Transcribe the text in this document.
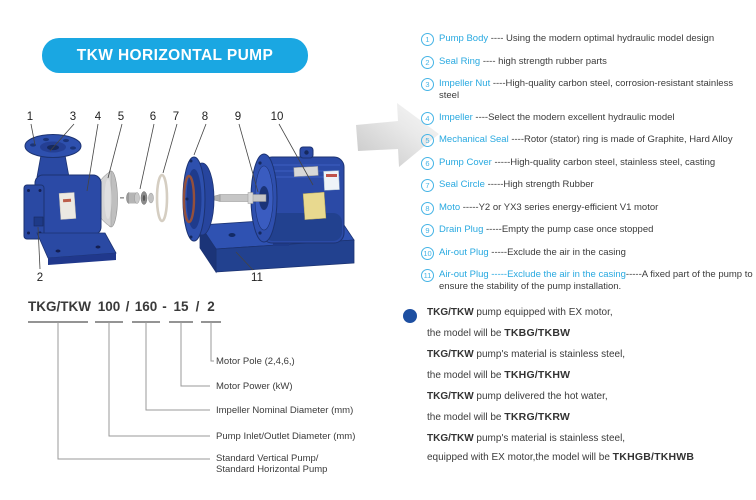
TKW HORIZONTAL PUMP
1	3 4 5 6 7 8 9	10
2	11
1 Pump Body ---- Using the modern optimal hydraulic model design
2 Seal Ring ---- high strength rubber parts
3 Impeller Nut ----High-quality carbon steel, corrosion-resistant stainless steel
4 Impeller ----Select the modern excellent hydraulic model
5 Mechanical Seal ----Rotor (stator) ring is made of Graphite, Hard Alloy
6 Pump Cover -----High-quality carbon steel, stainless steel, casting
7 Seal Circle -----High strength Rubber
8 Moto -----Y2 or YX3 series energy-efficient V1 motor
9 Drain Plug -----Empty the pump case once stopped
10 Air-out Plug -----Exclude the air in the casing
11 Air-out Plug -----Exclude the air in the casing-----A fixed part of the pump to ensure the stability of the pump installation.
TKG/TKW 100 / 160 - 15 / 2
Motor Pole (2,4,6,)
Motor Power (kW)
Impeller Nominal Diameter (mm)
Pump Inlet/Outlet Diameter (mm)
Standard Vertical Pump/
Standard Horizontal Pump
TKG/TKW pump equipped with EX motor,
the model will be TKBG/TKBW
TKG/TKW pump's material is stainless steel,
the model will be TKHG/TKHW
TKG/TKW pump delivered the hot water,
the model will be TKRG/TKRW
TKG/TKW pump's material is stainless steel,
equipped with EX motor,the model will be TKHGB/TKHWB
